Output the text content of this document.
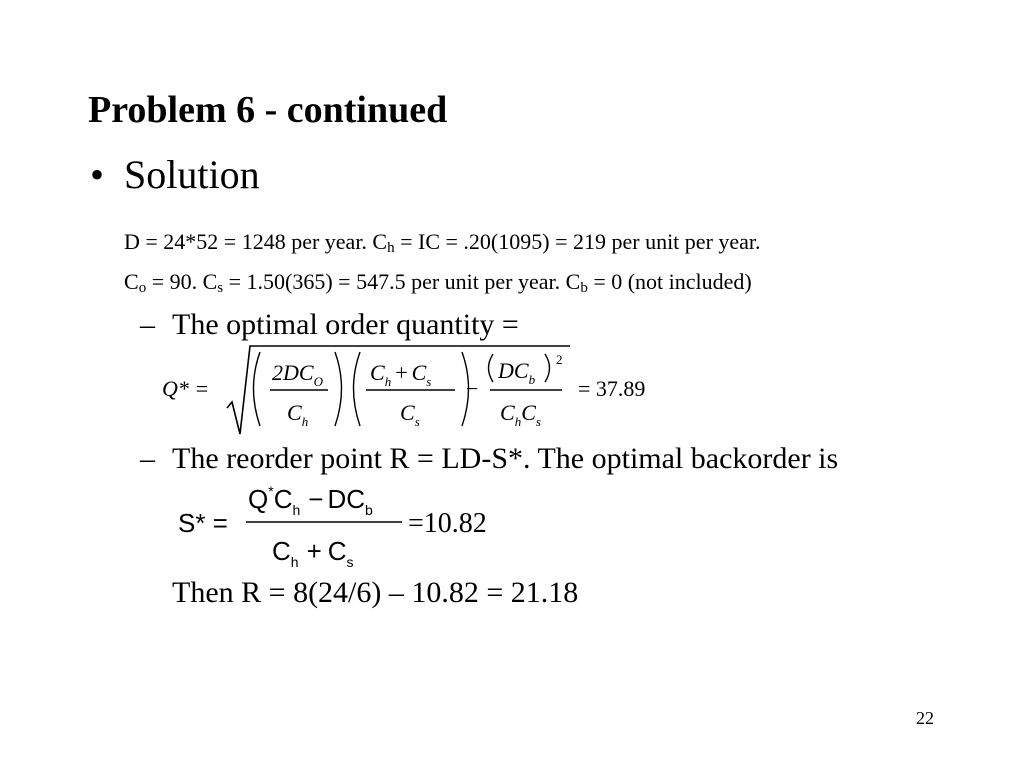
Problem 6 - continued
• Solution
D = 24*52 = 1248 per year. $C_h$ = IC = .20(1095) = 219 per unit per year.
$C_o = 90$. $C_s = 1.50(365) = 547.5$ per unit per year. $C_b = 0$ (not included)
– The optimal order quantity =
Q* =
$2DC_O$
$C_h$
$C_h + C_s$
$C_s$
−
$DC_b$
2
$C_hC_s$
= 37.89
– The reorder point R = LD-S*. The optimal backorder is
S* =
$Q^*C_h - DC_b$
$C_h + C_s$
=10.82
Then R = 8(24/6) – 10.82 = 21.18
22
